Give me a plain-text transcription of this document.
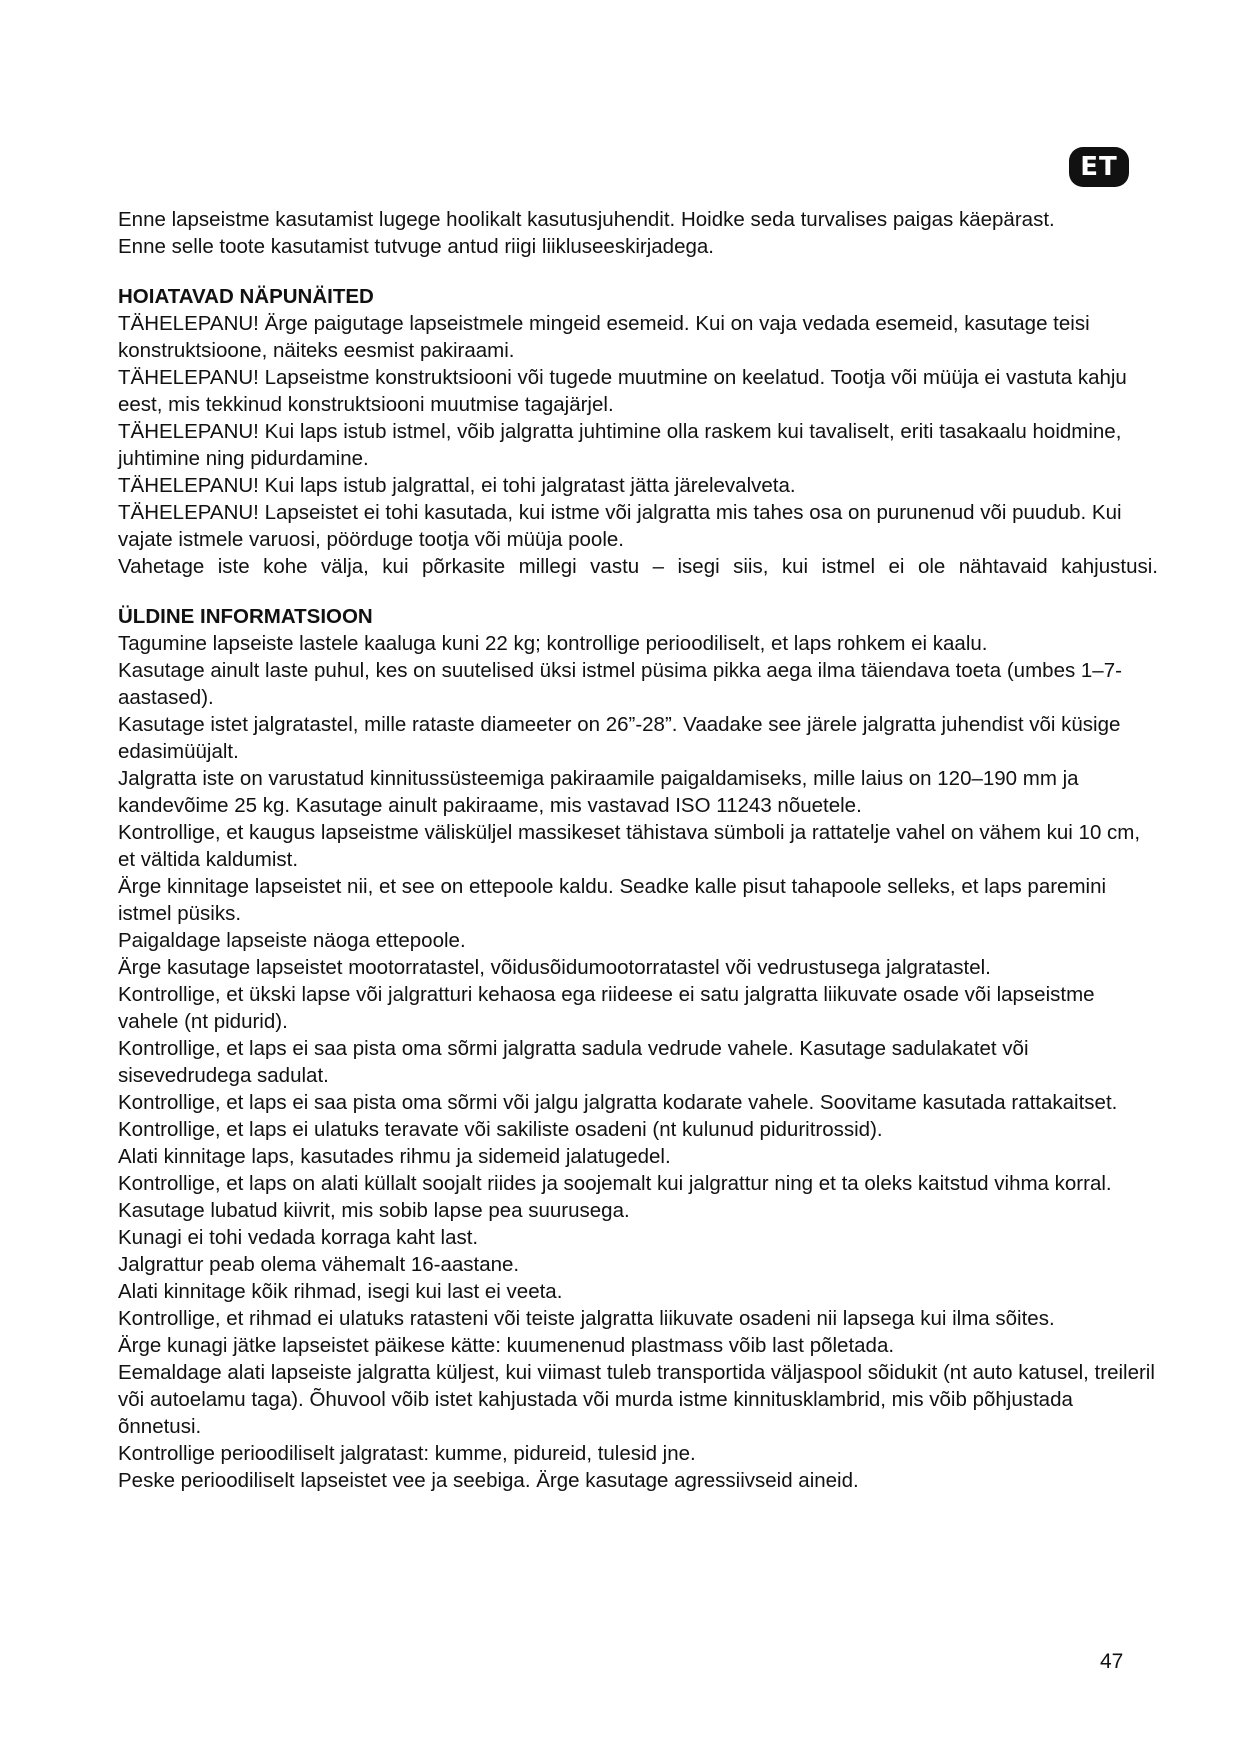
ET

Enne lapseistme kasutamist lugege hoolikalt kasutusjuhendit. Hoidke seda turvalises paigas käepärast.

Enne selle toote kasutamist tutvuge antud riigi liikluseeskirjadega.

HOIATAVAD NÄPUNÄITED

TÄHELEPANU! Ärge paigutage lapseistmele mingeid esemeid. Kui on vaja vedada esemeid, kasutage teisi konstruktsioone, näiteks eesmist pakiraami.

TÄHELEPANU! Lapseistme konstruktsiooni või tugede muutmine on keelatud. Tootja või müüja ei vastuta kahju eest, mis tekkinud konstruktsiooni muutmise tagajärjel.

TÄHELEPANU! Kui laps istub istmel, võib jalgratta juhtimine olla raskem kui tavaliselt, eriti tasakaalu hoidmine, juhtimine ning pidurdamine.

TÄHELEPANU! Kui laps istub jalgrattal, ei tohi jalgratast jätta järelevalveta.

TÄHELEPANU! Lapseistet ei tohi kasutada, kui istme või jalgratta mis tahes osa on purunenud või puudub. Kui vajate istmele varuosi, pöörduge tootja või müüja poole.

Vahetage iste kohe välja, kui põrkasite millegi vastu – isegi siis, kui istmel ei ole nähtavaid kahjustusi.

ÜLDINE INFORMATSIOON

Tagumine lapseiste lastele kaaluga kuni 22 kg; kontrollige perioodiliselt, et laps rohkem ei kaalu.

Kasutage ainult laste puhul, kes on suutelised üksi istmel püsima pikka aega ilma täiendava toeta (umbes 1–7- aastased).

Kasutage istet jalgratastel, mille rataste diameeter on 26”-28”. Vaadake see järele jalgratta juhendist või küsige edasimüüjalt.

Jalgratta iste on varustatud kinnitussüsteemiga pakiraamile paigaldamiseks, mille laius on 120–190 mm ja kandevõime 25 kg. Kasutage ainult pakiraame, mis vastavad ISO 11243 nõuetele.

Kontrollige, et kaugus lapseistme välisküljel massikeset tähistava sümboli ja rattatelje vahel on vähem kui 10 cm, et vältida kaldumist.

Ärge kinnitage lapseistet nii, et see on ettepoole kaldu. Seadke kalle pisut tahapoole selleks, et laps paremini istmel püsiks.

Paigaldage lapseiste näoga ettepoole.

Ärge kasutage lapseistet mootorratastel, võidusõidumootorratastel või vedrustusega jalgratastel.

Kontrollige, et ükski lapse või jalgratturi kehaosa ega riideese ei satu jalgratta liikuvate osade või lapseistme vahele (nt pidurid).

Kontrollige, et laps ei saa pista oma sõrmi jalgratta sadula vedrude vahele. Kasutage sadulakatet või sisevedrudega sadulat.

Kontrollige, et laps ei saa pista oma sõrmi või jalgu jalgratta kodarate vahele. Soovitame kasutada rattakaitset.

Kontrollige, et laps ei ulatuks teravate või sakiliste osadeni (nt kulunud piduritrossid).

Alati kinnitage laps, kasutades rihmu ja sidemeid jalatugedel.

Kontrollige, et laps on alati küllalt soojalt riides ja soojemalt kui jalgrattur ning et ta oleks kaitstud vihma korral.

Kasutage lubatud kiivrit, mis sobib lapse pea suurusega.

Kunagi ei tohi vedada korraga kaht last.

Jalgrattur peab olema vähemalt 16-aastane.

Alati kinnitage kõik rihmad, isegi kui last ei veeta.

Kontrollige, et rihmad ei ulatuks ratasteni või teiste jalgratta liikuvate osadeni nii lapsega kui ilma sõites.

Ärge kunagi jätke lapseistet päikese kätte: kuumenenud plastmass võib last põletada.

Eemaldage alati lapseiste jalgratta küljest, kui viimast tuleb transportida väljaspool sõidukit (nt auto katusel, treileril või autoelamu taga). Õhuvool võib istet kahjustada või murda istme kinnitusklambrid, mis võib põhjustada õnnetusi.

Kontrollige perioodiliselt jalgratast: kumme, pidureid, tulesid jne.

Peske perioodiliselt lapseistet vee ja seebiga. Ärge kasutage agressiivseid aineid.

47
